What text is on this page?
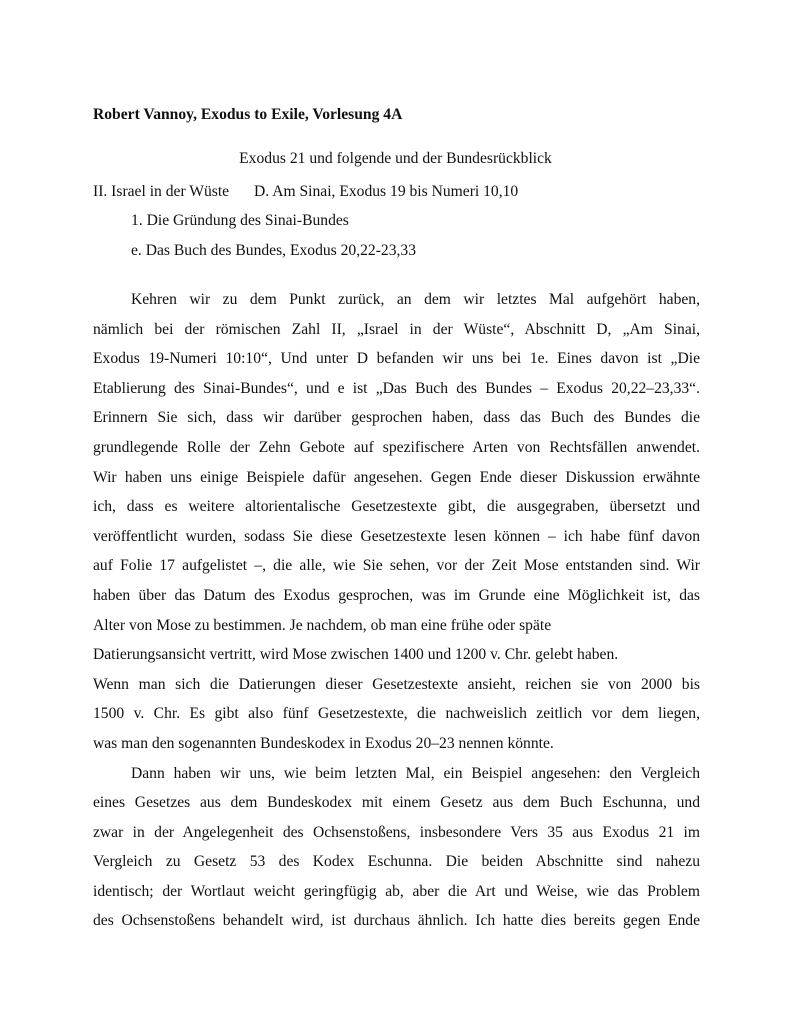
Robert Vannoy, Exodus to Exile, Vorlesung 4A
Exodus 21 und folgende und der Bundesrückblick
II. Israel in der Wüste D. Am Sinai, Exodus 19 bis Numeri 10,10
1. Die Gründung des Sinai-Bundes
e. Das Buch des Bundes, Exodus 20,22-23,33
Kehren wir zu dem Punkt zurück, an dem wir letztes Mal aufgehört haben,
nämlich bei der römischen Zahl II, „Israel in der Wüste“, Abschnitt D, „Am Sinai,
Exodus 19-Numeri 10:10“, Und unter D befanden wir uns bei 1e. Eines davon ist „Die
Etablierung des Sinai-Bundes“, und e ist „Das Buch des Bundes – Exodus 20,22–23,33“.
Erinnern Sie sich, dass wir darüber gesprochen haben, dass das Buch des Bundes die
grundlegende Rolle der Zehn Gebote auf spezifischere Arten von Rechtsfällen anwendet.
Wir haben uns einige Beispiele dafür angesehen. Gegen Ende dieser Diskussion erwähnte
ich, dass es weitere altorientalische Gesetzestexte gibt, die ausgegraben, übersetzt und
veröffentlicht wurden, sodass Sie diese Gesetzestexte lesen können – ich habe fünf davon
auf Folie 17 aufgelistet –, die alle, wie Sie sehen, vor der Zeit Mose entstanden sind. Wir
haben über das Datum des Exodus gesprochen, was im Grunde eine Möglichkeit ist, das
Alter von Mose zu bestimmen. Je nachdem, ob man eine frühe oder späte
Datierungsansicht vertritt, wird Mose zwischen 1400 und 1200 v. Chr. gelebt haben.
Wenn man sich die Datierungen dieser Gesetzestexte ansieht, reichen sie von 2000 bis
1500 v. Chr. Es gibt also fünf Gesetzestexte, die nachweislich zeitlich vor dem liegen,
was man den sogenannten Bundeskodex in Exodus 20–23 nennen könnte.
Dann haben wir uns, wie beim letzten Mal, ein Beispiel angesehen: den Vergleich
eines Gesetzes aus dem Bundeskodex mit einem Gesetz aus dem Buch Eschunna, und
zwar in der Angelegenheit des Ochsenstoßens, insbesondere Vers 35 aus Exodus 21 im
Vergleich zu Gesetz 53 des Kodex Eschunna. Die beiden Abschnitte sind nahezu
identisch; der Wortlaut weicht geringfügig ab, aber die Art und Weise, wie das Problem
des Ochsenstoßens behandelt wird, ist durchaus ähnlich. Ich hatte dies bereits gegen Ende
